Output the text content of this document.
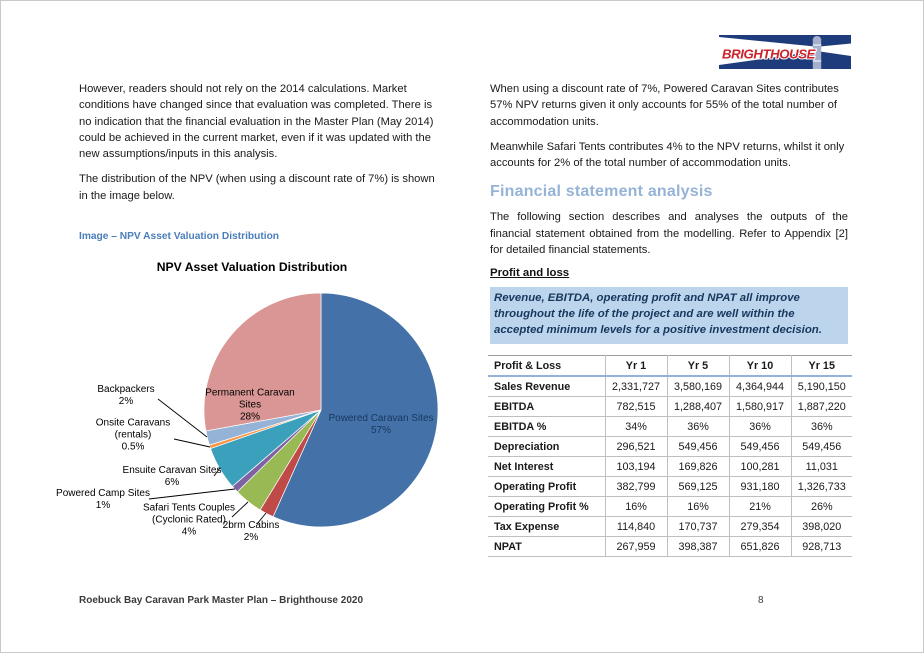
BRIGHTHOUSE

However, readers should not rely on the 2014 calculations. Market conditions have changed since that evaluation was completed. There is no indication that the financial evaluation in the Master Plan (May 2014) could be achieved in the current market, even if it was updated with the new assumptions/inputs in this analysis.

The distribution of the NPV (when using a discount rate of 7%) is shown in the image below.

Image – NPV Asset Valuation Distribution
NPV Asset Valuation Distribution
Backpackers
2%
Onsite Caravans
(rentals)
0.5%
Ensuite Caravan Sites
6%
Powered Camp Sites
1%	Safari Tents Couples
(Cyclonic Rated)
4%
2brm Cabins
2%
Permanent Caravan
Sites
28%	Powered Caravan Sites
57%

When using a discount rate of 7%, Powered Caravan Sites contributes 57% NPV returns given it only accounts for 55% of the total number of accommodation units.

Meanwhile Safari Tents contributes 4% to the NPV returns, whilst it only accounts for 2% of the total number of accommodation units.

Financial statement analysis

The following section describes and analyses the outputs of the financial statement obtained from the modelling. Refer to Appendix [2] for detailed financial statements.

Profit and loss
Revenue, EBITDA, operating profit and NPAT all improve throughout the life of the project and are well within the accepted minimum levels for a positive investment decision.
Profit & Loss	Yr 1	Yr 5	Yr 10	Yr 15
Sales Revenue	2,331,727	3,580,169	4,364,944	5,190,150
EBITDA	782,515	1,288,407	1,580,917	1,887,220
EBITDA %	34%	36%	36%	36%
Depreciation	296,521	549,456	549,456	549,456
Net Interest	103,194	169,826	100,281	11,031
Operating Profit	382,799	569,125	931,180	1,326,733
Operating Profit %	16%	16%	21%	26%
Tax Expense	114,840	170,737	279,354	398,020
NPAT	267,959	398,387	651,826	928,713
Roebuck Bay Caravan Park Master Plan – Brighthouse 2020	8
